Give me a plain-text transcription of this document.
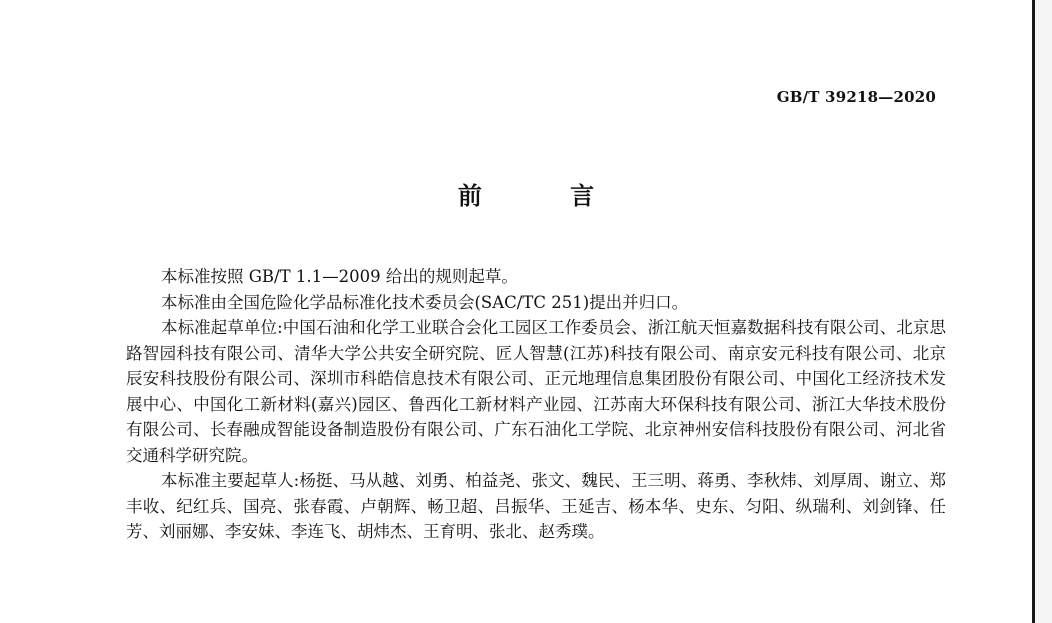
GB/T 39218—2020
前 言

本标准按照 GB/T 1.1—2009 给出的规则起草。

本标准由全国危险化学品标准化技术委员会(SAC/TC 251)提出并归口。

本标准起草单位:中国石油和化学工业联合会化工园区工作委员会、浙江航天恒嘉数据科技有限公司、北京思路智园科技有限公司、清华大学公共安全研究院、匠人智慧(江苏)科技有限公司、南京安元科技有限公司、北京辰安科技股份有限公司、深圳市科皓信息技术有限公司、正元地理信息集团股份有限公司、中国化工经济技术发展中心、中国化工新材料(嘉兴)园区、鲁西化工新材料产业园、江苏南大环保科技有限公司、浙江大华技术股份有限公司、长春融成智能设备制造股份有限公司、广东石油化工学院、北京神州安信科技股份有限公司、河北省交通科学研究院。

本标准主要起草人:杨挺、马从越、刘勇、柏益尧、张文、魏民、王三明、蒋勇、李秋炜、刘厚周、谢立、郑丰收、纪红兵、国亮、张春霞、卢朝辉、畅卫超、吕振华、王延吉、杨本华、史东、匀阳、纵瑞利、刘剑锋、任芳、刘丽娜、李安妹、李连飞、胡炜杰、王育明、张北、赵秀璞。
